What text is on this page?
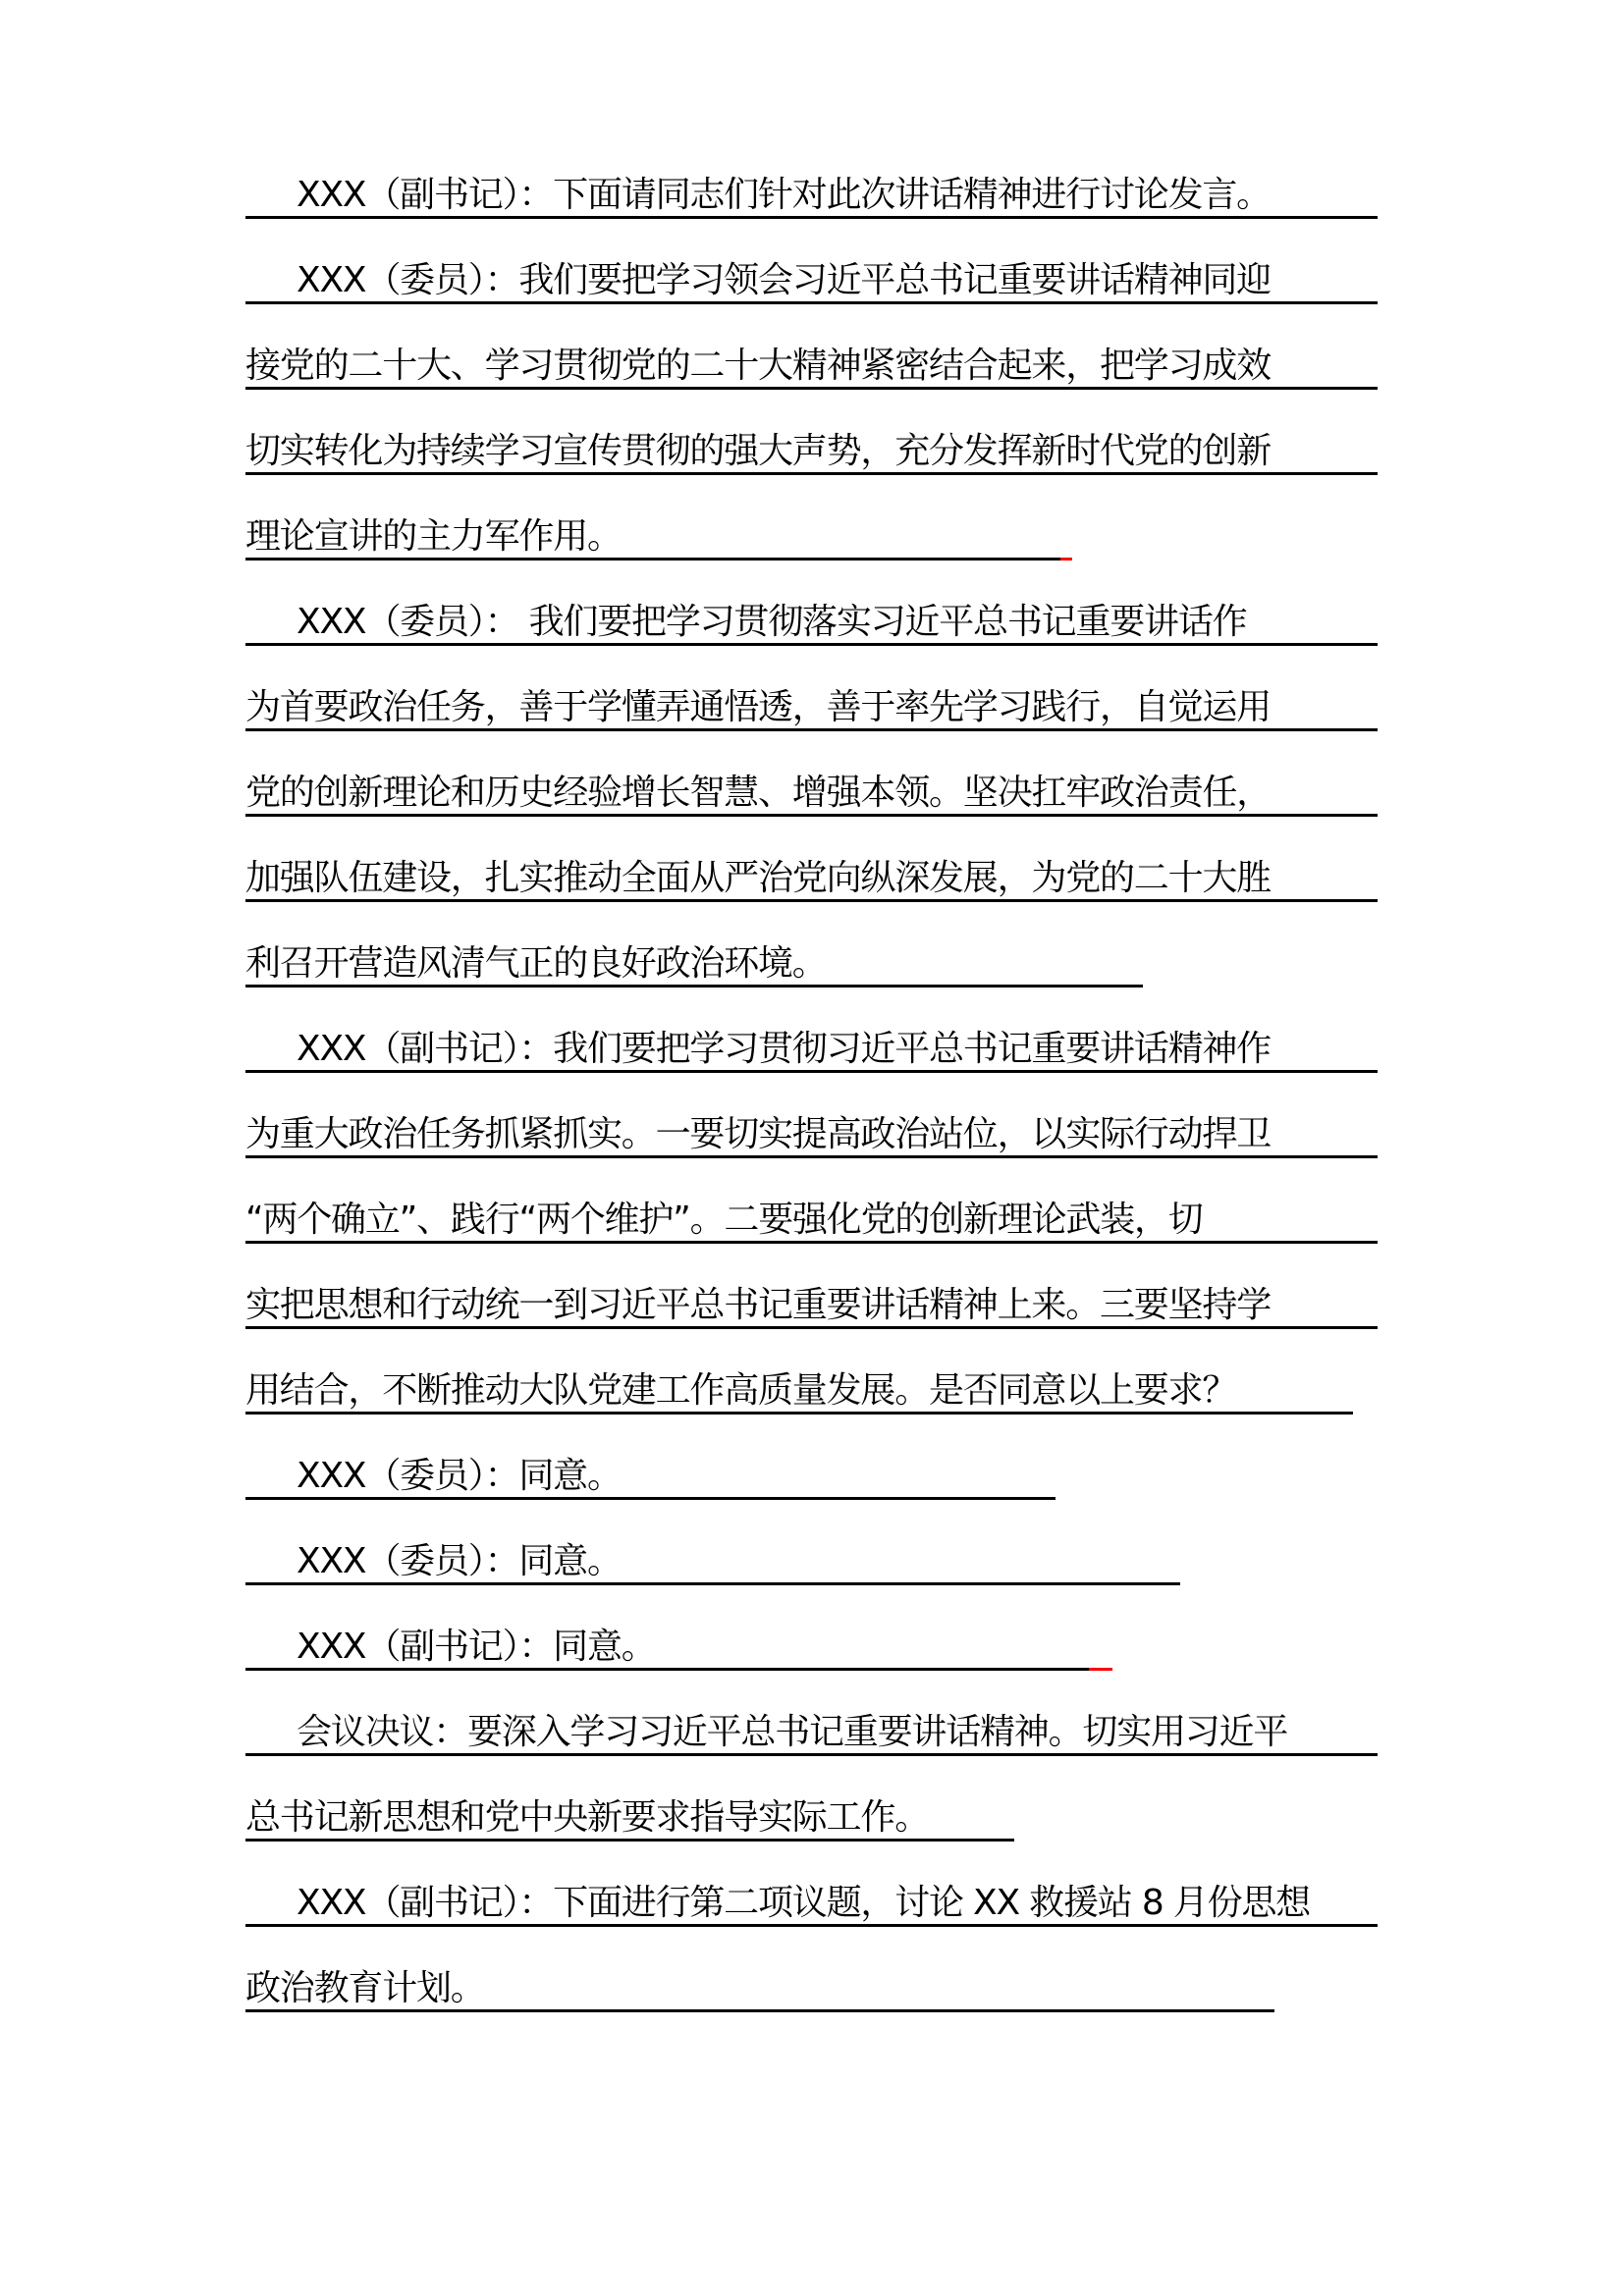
XXX（副书记）：下面请同志们针对此次讲话精神进行讨论发言。
XXX（委员）：我们要把学习领会习近平总书记重要讲话精神同迎
接党的二十大、学习贯彻党的二十大精神紧密结合起来，把学习成效
切实转化为持续学习宣传贯彻的强大声势，充分发挥新时代党的创新
理论宣讲的主力军作用。
XXX（委员）： 我们要把学习贯彻落实习近平总书记重要讲话作
为首要政治任务，善于学懂弄通悟透，善于率先学习践行，自觉运用
党的创新理论和历史经验增长智慧、增强本领。坚决扛牢政治责任，
加强队伍建设，扎实推动全面从严治党向纵深发展，为党的二十大胜
利召开营造风清气正的良好政治环境。
XXX（副书记）：我们要把学习贯彻习近平总书记重要讲话精神作
为重大政治任务抓紧抓实。一要切实提高政治站位，以实际行动捍卫
“两个确立”、践行“两个维护”。二要强化党的创新理论武装，切
实把思想和行动统一到习近平总书记重要讲话精神上来。三要坚持学
用结合，不断推动大队党建工作高质量发展。是否同意以上要求？
XXX（委员）：同意。
XXX（委员）：同意。
XXX（副书记）：同意。
会议决议：要深入学习习近平总书记重要讲话精神。切实用习近平
总书记新思想和党中央新要求指导实际工作。
XXX（副书记）：下面进行第二项议题，讨论 XX 救援站 8 月份思想
政治教育计划。
